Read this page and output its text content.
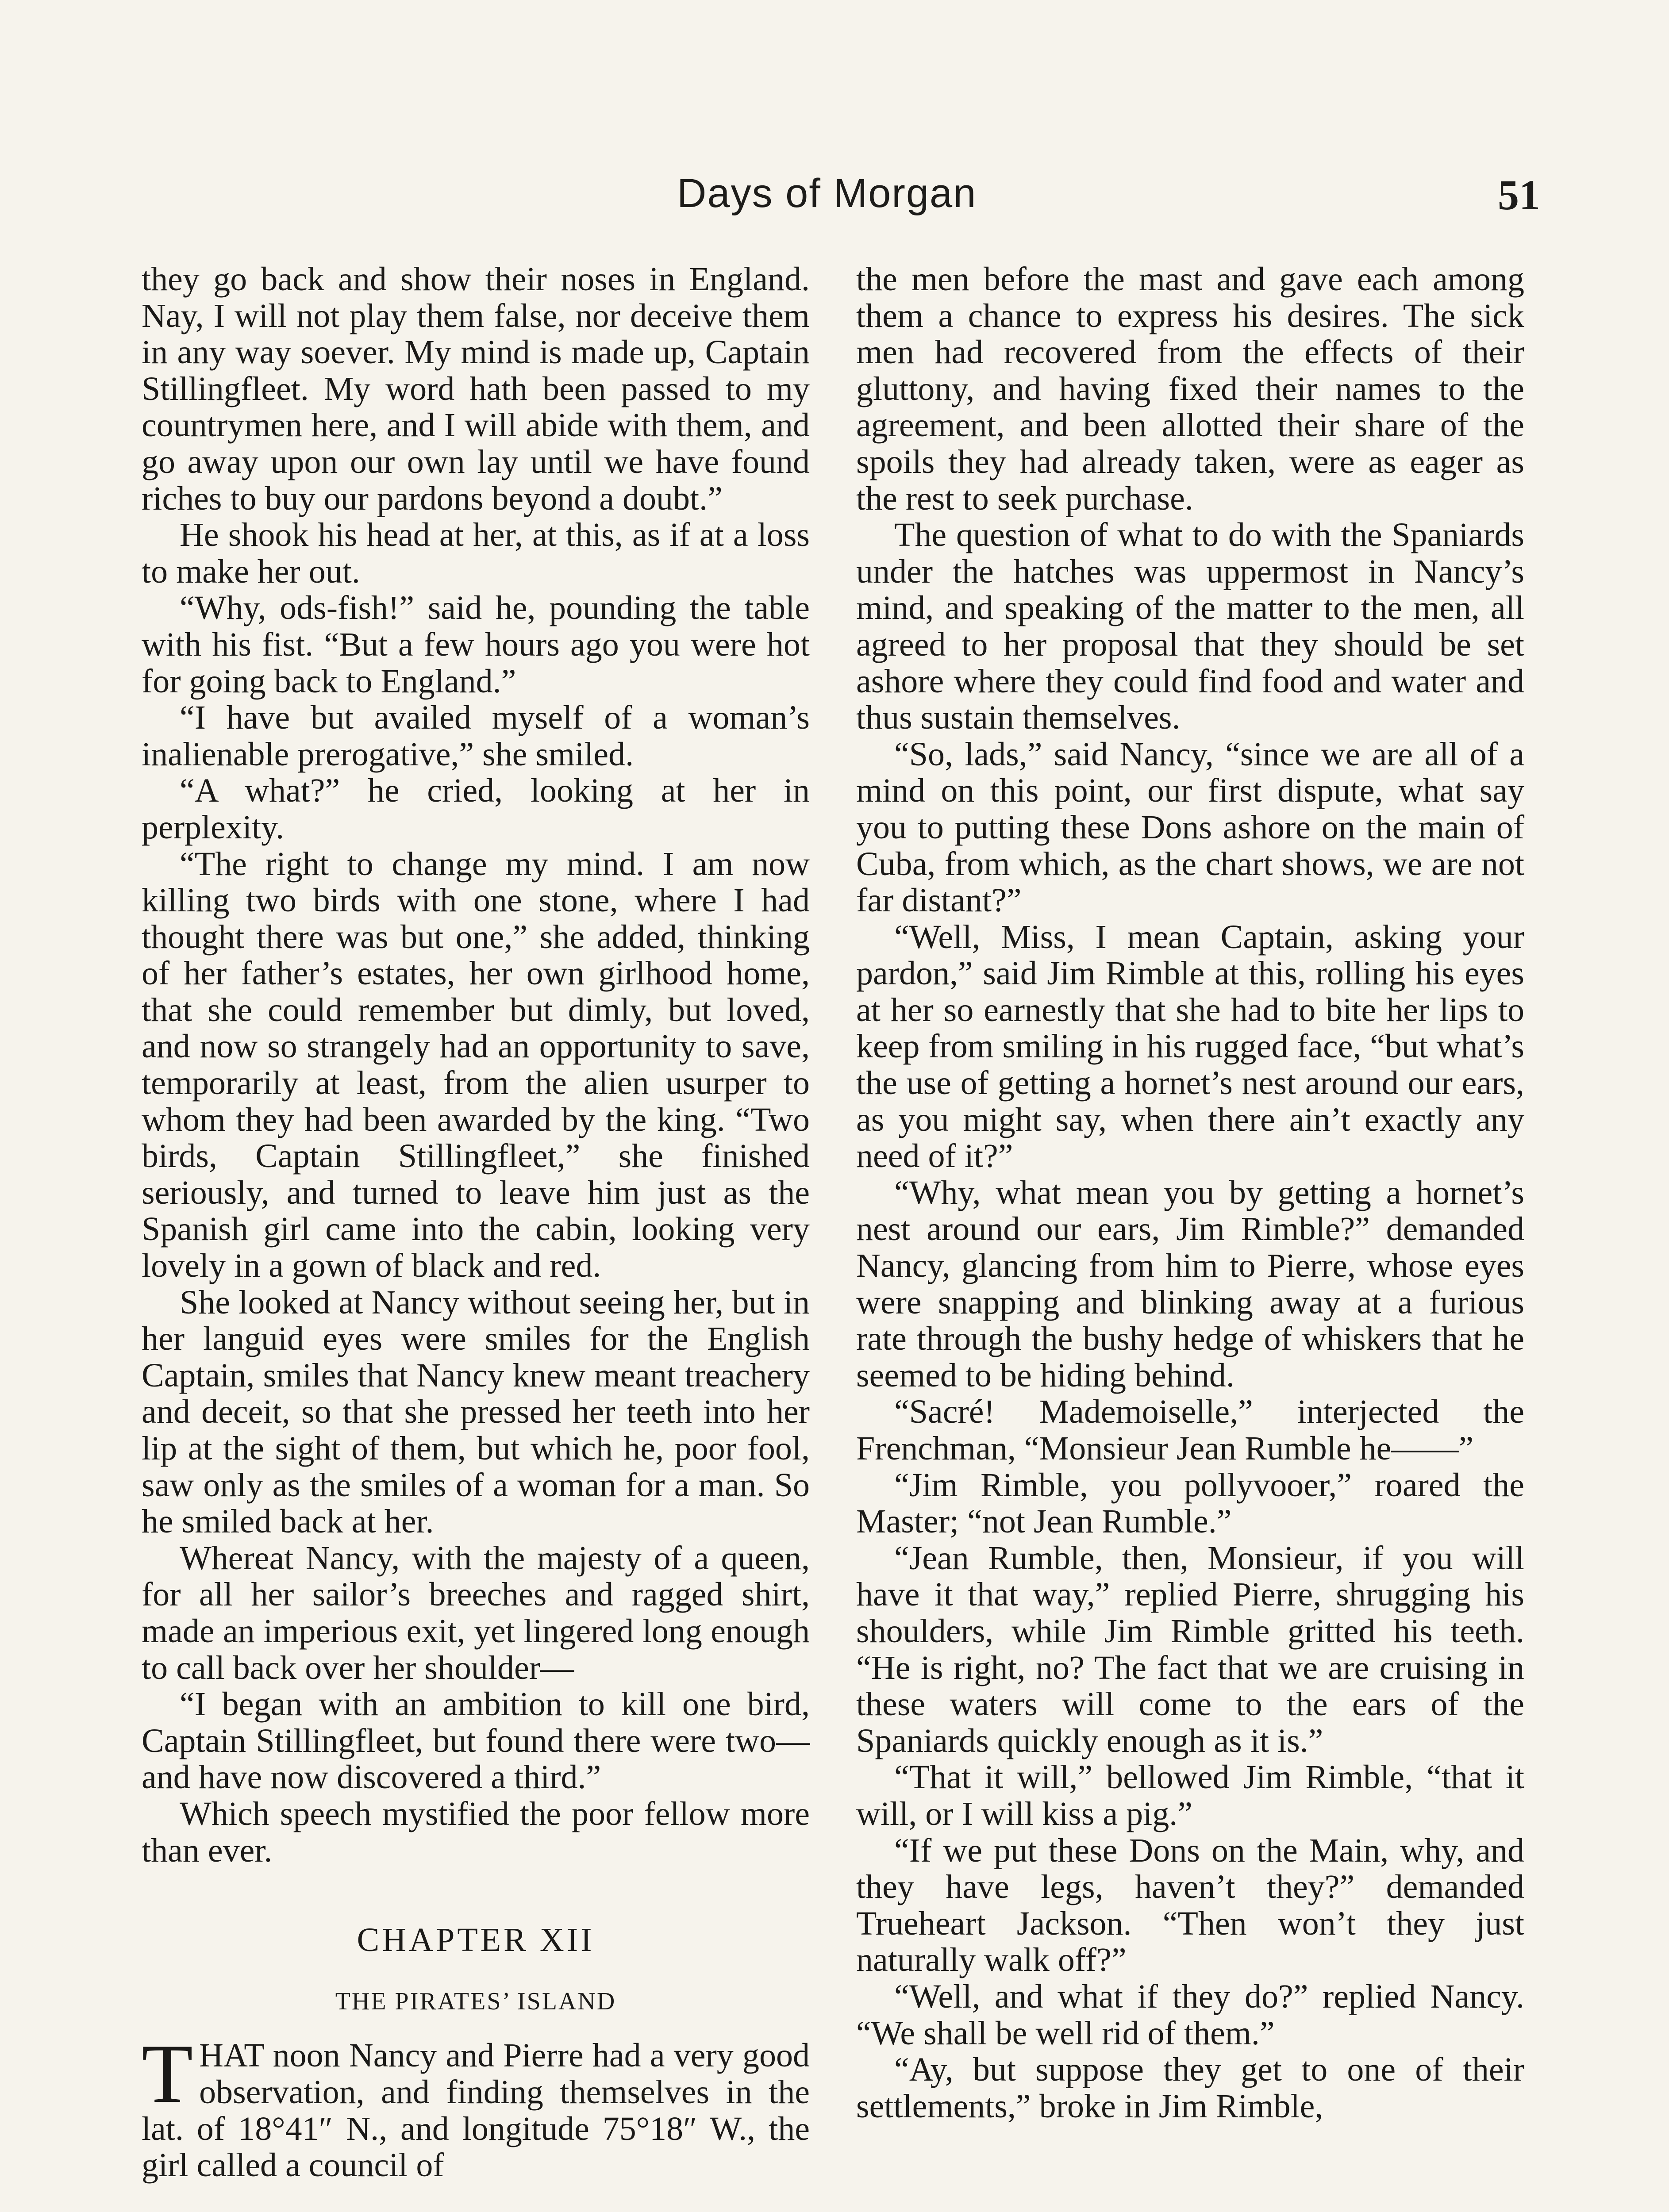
Days of Morgan	51

they go back and show their noses in England. Nay, I will not play them false, nor deceive them in any way soever. My mind is made up, Captain Stillingfleet. My word hath been passed to my countrymen here, and I will abide with them, and go away upon our own lay until we have found riches to buy our pardons beyond a doubt.”

He shook his head at her, at this, as if at a loss to make her out.

“Why, ods-fish!” said he, pounding the table with his fist. “But a few hours ago you were hot for going back to England.”

“I have but availed myself of a woman’s inalienable prerogative,” she smiled.

“A what?” he cried, looking at her in perplexity.

“The right to change my mind. I am now killing two birds with one stone, where I had thought there was but one,” she added, thinking of her father’s estates, her own girlhood home, that she could remember but dimly, but loved, and now so strangely had an opportunity to save, temporarily at least, from the alien usurper to whom they had been awarded by the king. “Two birds, Captain Stillingfleet,” she finished seriously, and turned to leave him just as the Spanish girl came into the cabin, looking very lovely in a gown of black and red.

She looked at Nancy without seeing her, but in her languid eyes were smiles for the English Captain, smiles that Nancy knew meant treachery and deceit, so that she pressed her teeth into her lip at the sight of them, but which he, poor fool, saw only as the smiles of a woman for a man. So he smiled back at her.

Whereat Nancy, with the majesty of a queen, for all her sailor’s breeches and ragged shirt, made an imperious exit, yet lingered long enough to call back over her shoulder—

“I began with an ambition to kill one bird, Captain Stillingfleet, but found there were two—and have now discovered a third.”

Which speech mystified the poor fellow more than ever.

CHAPTER XII
THE PIRATES’ ISLAND

THAT noon Nancy and Pierre had a very good observation, and finding themselves in the lat. of 18°41″ N., and longitude 75°18″ W., the girl called a council of

the men before the mast and gave each among them a chance to express his desires. The sick men had recovered from the effects of their gluttony, and having fixed their names to the agreement, and been allotted their share of the spoils they had already taken, were as eager as the rest to seek purchase.

The question of what to do with the Spaniards under the hatches was uppermost in Nancy’s mind, and speaking of the matter to the men, all agreed to her proposal that they should be set ashore where they could find food and water and thus sustain themselves.

“So, lads,” said Nancy, “since we are all of a mind on this point, our first dispute, what say you to putting these Dons ashore on the main of Cuba, from which, as the chart shows, we are not far distant?”

“Well, Miss, I mean Captain, asking your pardon,” said Jim Rimble at this, rolling his eyes at her so earnestly that she had to bite her lips to keep from smiling in his rugged face, “but what’s the use of getting a hornet’s nest around our ears, as you might say, when there ain’t exactly any need of it?”

“Why, what mean you by getting a hornet’s nest around our ears, Jim Rimble?” demanded Nancy, glancing from him to Pierre, whose eyes were snapping and blinking away at a furious rate through the bushy hedge of whiskers that he seemed to be hiding behind.

“Sacré! Mademoiselle,” interjected the Frenchman, “Monsieur Jean Rumble he——”

“Jim Rimble, you pollyvooer,” roared the Master; “not Jean Rumble.”

“Jean Rumble, then, Monsieur, if you will have it that way,” replied Pierre, shrugging his shoulders, while Jim Rimble gritted his teeth. “He is right, no? The fact that we are cruising in these waters will come to the ears of the Spaniards quickly enough as it is.”

“That it will,” bellowed Jim Rimble, “that it will, or I will kiss a pig.”

“If we put these Dons on the Main, why, and they have legs, haven’t they?” demanded Trueheart Jackson. “Then won’t they just naturally walk off?”

“Well, and what if they do?” replied Nancy. “We shall be well rid of them.”

“Ay, but suppose they get to one of their settlements,” broke in Jim Rimble,
